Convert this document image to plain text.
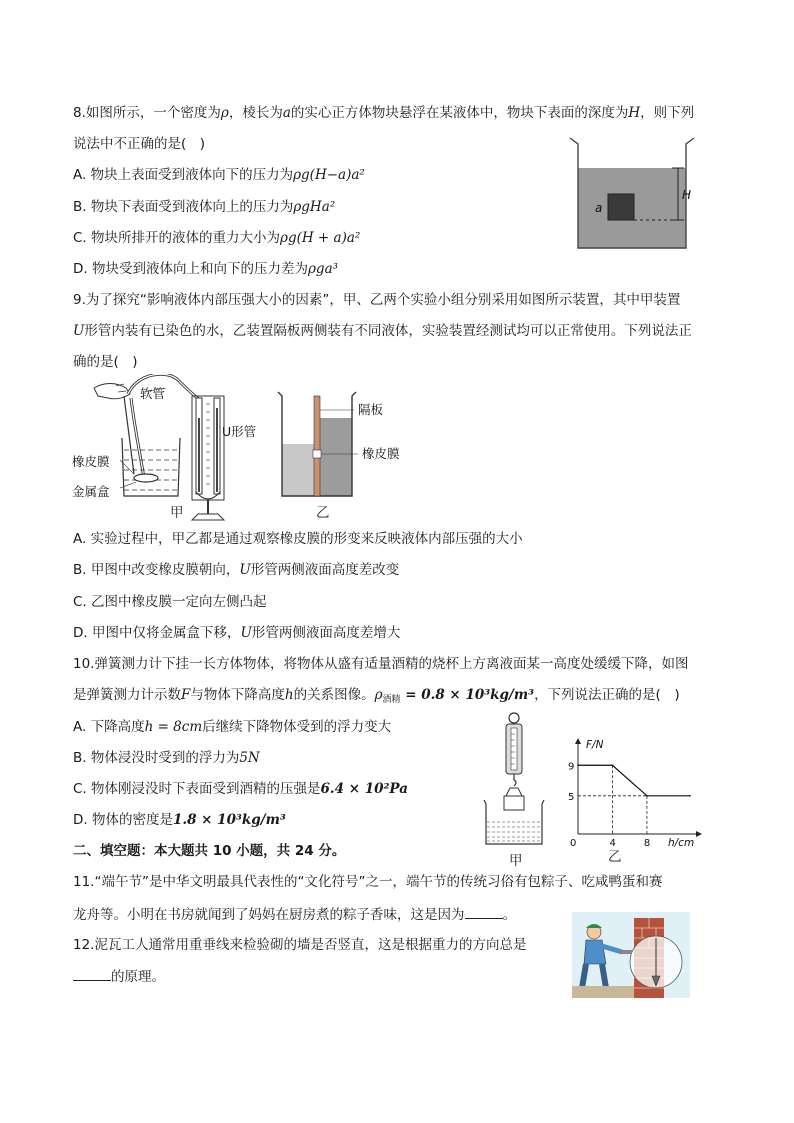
8.如图所示，一个密度为ρ，棱长为a的实心正方体物块悬浮在某液体中，物块下表面的深度为H，则下列
说法中不正确的是(　)
A. 物块上表面受到液体向下的压力为ρg(H−a)a²
B. 物块下表面受到液体向上的压力为ρgHa²
C. 物块所排开的液体的重力大小为ρg(H + a)a²
D. 物块受到液体向上和向下的压力差为ρga³
a
H
9.为了探究“影响液体内部压强大小的因素”，甲、乙两个实验小组分别采用如图所示装置，其中甲装置
U形管内装有已染色的水，乙装置隔板两侧装有不同液体，实验装置经测试均可以正常使用。下列说法正
确的是(　)
软管
U形管
橡皮膜
金属盒
甲
隔板
橡皮膜
乙
A. 实验过程中，甲乙都是通过观察橡皮膜的形变来反映液体内部压强的大小
B. 甲图中改变橡皮膜朝向，U形管两侧液面高度差改变
C. 乙图中橡皮膜一定向左侧凸起
D. 甲图中仅将金属盒下移，U形管两侧液面高度差增大
10.弹簧测力计下挂一长方体物体，将物体从盛有适量酒精的烧杯上方离液面某一高度处缓缓下降，如图
是弹簧测力计示数F与物体下降高度h的关系图像。$\rho_{酒精} = 0.8 \times 10^3kg/m^3$，下列说法正确的是(　)
A. 下降高度h = 8cm后继续下降物体受到的浮力变大
B. 物体浸没时受到的浮力为5N
C. 物体刚浸没时下表面受到酒精的压强是6.4 × 10²Pa
D. 物体的密度是1.8 × 10³kg/m³
甲
0	4	8
5
9
h/cm
F/N
乙
二、填空题：本大题共 10 小题，共 24 分。
11.“端午节”是中华文明最具代表性的“文化符号”之一，端午节的传统习俗有包粽子、吃咸鸭蛋和赛
龙舟等。小明在书房就闻到了妈妈在厨房煮的粽子香味，这是因为	。
12.泥瓦工人通常用重垂线来检验砌的墙是否竖直，这是根据重力的方向总是
的原理。
